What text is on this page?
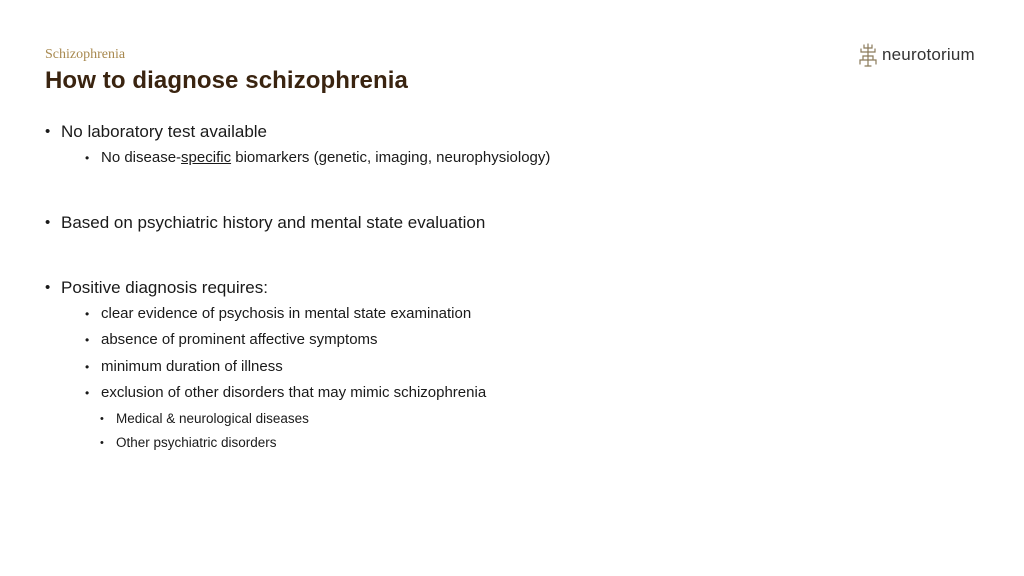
Schizophrenia
How to diagnose schizophrenia
neurotorium
• No laboratory test available
• No disease-specific biomarkers (genetic, imaging, neurophysiology)
• Based on psychiatric history and mental state evaluation
• Positive diagnosis requires:
• clear evidence of psychosis in mental state examination
• absence of prominent affective symptoms
• minimum duration of illness
• exclusion of other disorders that may mimic schizophrenia
• Medical & neurological diseases
• Other psychiatric disorders
